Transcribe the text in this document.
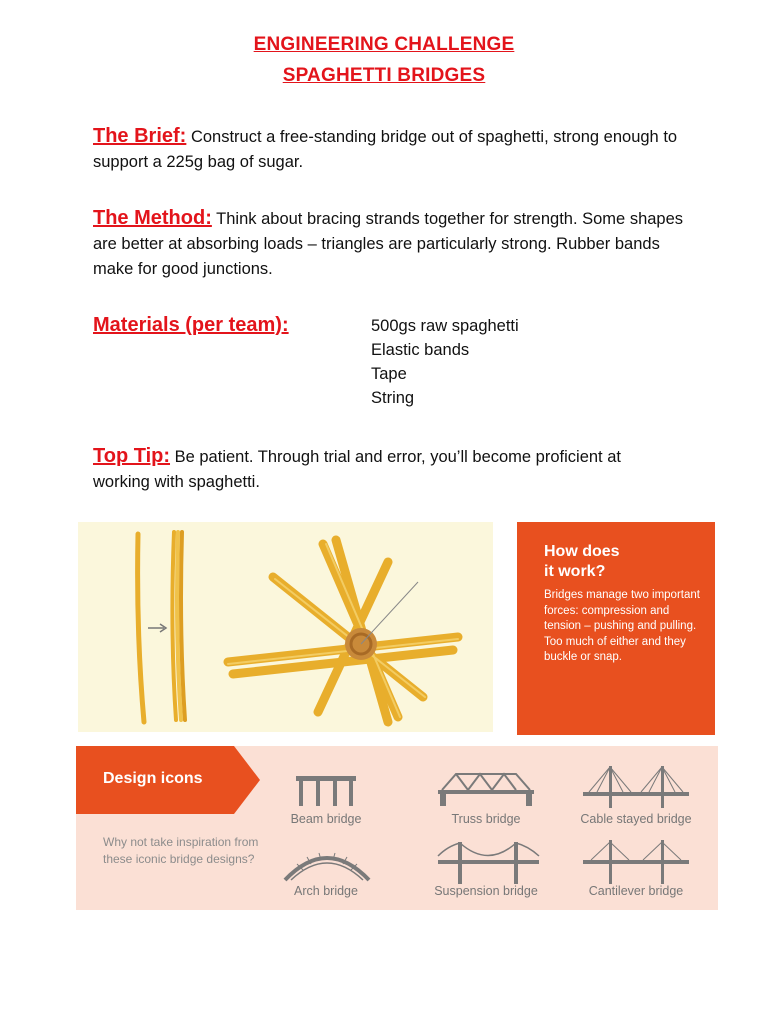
ENGINEERING CHALLENGE
SPAGHETTI BRIDGES
The Brief: Construct a free-standing bridge out of spaghetti, strong enough to support a 225g bag of sugar.
The Method: Think about bracing strands together for strength. Some shapes are better at absorbing loads – triangles are particularly strong. Rubber bands make for good junctions.
Materials (per team):	500gs raw spaghetti
Elastic bands
Tape
String
Top Tip: Be patient. Through trial and error, you’ll become proficient at working with spaghetti.
How does
it work?
Bridges manage two important forces: compression and tension – pushing and pulling. Too much of either and they buckle or snap.
Design icons
Why not take inspiration from these iconic bridge designs?
Beam bridge	Truss bridge	Cable stayed bridge
Arch bridge	Suspension bridge	Cantilever bridge
